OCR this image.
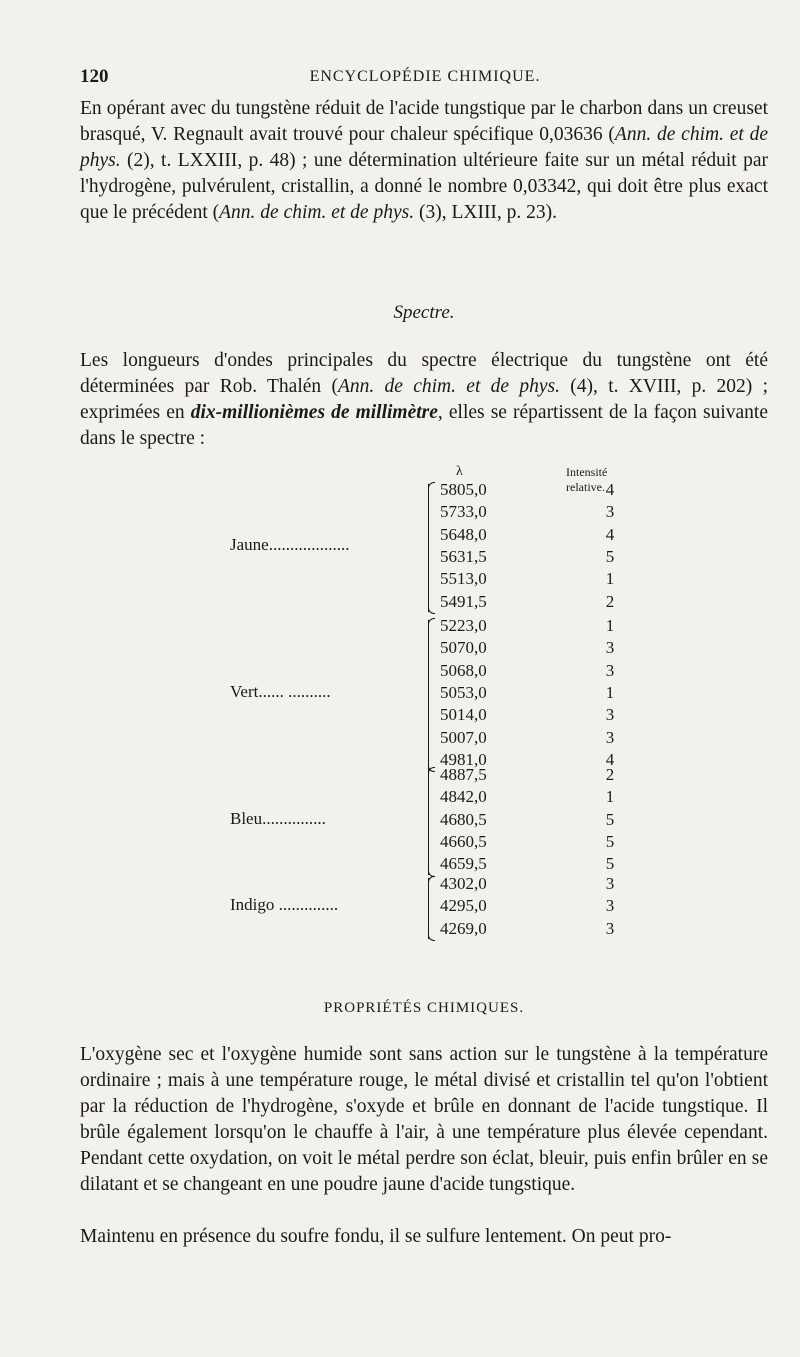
120	ENCYCLOPÉDIE CHIMIQUE.

En opérant avec du tungstène réduit de l'acide tungstique par le charbon dans un creuset brasqué, V. Regnault avait trouvé pour chaleur spécifique 0,03636 (Ann. de chim. et de phys. (2), t. LXXIII, p. 48) ; une détermination ultérieure faite sur un métal réduit par l'hydrogène, pulvérulent, cristallin, a donné le nombre 0,03342, qui doit être plus exact que le précédent (Ann. de chim. et de phys. (3), LXIII, p. 23).

Spectre.

Les longueurs d'ondes principales du spectre électrique du tungstène ont été déterminées par Rob. Thalén (Ann. de chim. et de phys. (4), t. XVIII, p. 202) ; exprimées en dix-millionièmes de millimètre, elles se répartissent de la façon suivante dans le spectre :

λ	Intensité relative.
Jaune...................
5805,0	4
5733,0	3
5648,0	4
5631,5	5
5513,0	1
5491,5	2
Vert...... ..........
5223,0	1
5070,0	3
5068,0	3
5053,0	1
5014,0	3
5007,0	3
4981,0	4
Bleu...............
4887,5	2
4842,0	1
4680,5	5
4660,5	5
4659,5	5
Indigo ..............
4302,0	3
4295,0	3
4269,0	3

PROPRIÉTÉS CHIMIQUES.

L'oxygène sec et l'oxygène humide sont sans action sur le tungstène à la température ordinaire ; mais à une température rouge, le métal divisé et cristallin tel qu'on l'obtient par la réduction de l'hydrogène, s'oxyde et brûle en donnant de l'acide tungstique. Il brûle également lorsqu'on le chauffe à l'air, à une température plus élevée cependant. Pendant cette oxydation, on voit le métal perdre son éclat, bleuir, puis enfin brûler en se dilatant et se changeant en une poudre jaune d'acide tungstique.

Maintenu en présence du soufre fondu, il se sulfure lentement. On peut pro-
